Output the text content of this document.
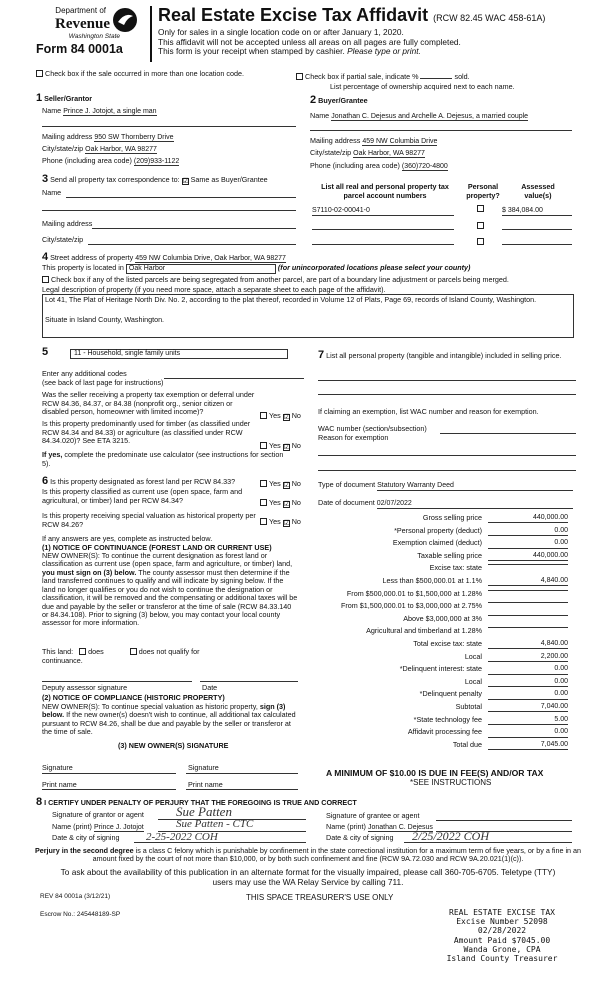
Department of
Revenue
Washington State
Form 84 0001a
Real Estate Excise Tax Affidavit (RCW 82.45 WAC 458-61A)
Only for sales in a single location code on or after January 1, 2020.
This affidavit will not be accepted unless all areas on all pages are fully completed.
This form is your receipt when stamped by cashier. Please type or print.
Check box if the sale occurred in more than one location code.	Check box if partial sale, indicate %	sold.
List percentage of ownership acquired next to each name.
1 Seller/Grantor
Name Prince J. Jotojot, a single man
Mailing address 950 SW Thornberry Drive
City/state/zip Oak Harbor, WA 98277
Phone (including area code) (209)933-1122
2 Buyer/Grantee
Name Jonathan C. Dejesus and Archelle A. Dejesus, a married couple
Mailing address 459 NW Columbia Drive
City/state/zip Oak Harbor, WA 98277
Phone (including area code) (360)720-4800
3 Send all property tax correspondence to: ☑ Same as Buyer/Grantee
Name
Mailing address
City/state/zip
List all real and personal property tax parcel account numbers
Personal property?
Assessed value(s)
S7110-02-00041-0	$ 384,084.00
4 Street address of property 459 NW Columbia Drive, Oak Harbor, WA 98277
This property is located in Oak Harbor	(for unincorporated locations please select your county)
Check box if any of the listed parcels are being segregated from another parcel, are part of a boundary line adjustment or parcels being merged.
Legal description of property (if you need more space, attach a separate sheet to each page of the affidavit).
Lot 41, The Plat of Heritage North Div. No. 2, according to the plat thereof, recorded in Volume 12 of Plats, Page 69, records of Island County, Washington.
Situate in Island County, Washington.
5	11 - Household, single family units
Enter any additional codes
(see back of last page for instructions)
Was the seller receiving a property tax exemption or deferral under RCW 84.36, 84.37, or 84.38 (nonprofit org., senior citizen or disabled person, homeowner with limited income)?	Yes ☑ No
Is this property predominantly used for timber (as classified under RCW 84.34 and 84.33) or agriculture (as classified under RCW 84.34.020)? See ETA 3215.
Yes ☑ No
If yes, complete the predominate use calculator (see instructions for section 5).
7 List all personal property (tangible and intangible) included in selling price.
If claiming an exemption, list WAC number and reason for exemption.
WAC number (section/subsection)
Reason for exemption
6 Is this property designated as forest land per RCW 84.33?	Yes ☑ No
Is this property classified as current use (open space, farm and agricultural, or timber) land per RCW 84.34?	Yes ☑ No
Is this property receiving special valuation as historical property per RCW 84.26?	Yes ☑ No
If any answers are yes, complete as instructed below.
(1) NOTICE OF CONTINUANCE (FOREST LAND OR CURRENT USE)
NEW OWNER(S): To continue the current designation as forest land or classification as current use (open space, farm and agriculture, or timber) land, you must sign on (3) below. The county assessor must then determine if the land transferred continues to qualify and will indicate by signing below. If the land no longer qualifies or you do not wish to continue the designation or classification, it will be removed and the compensating or additional taxes will be due and payable by the seller or transferor at the time of sale (RCW 84.33.140 or 84.34.108). Prior to signing (3) below, you may contact your local county assessor for more information.
This land: does	does not qualify for
continuance.
Deputy assessor signature	Date
(2) NOTICE OF COMPLIANCE (HISTORIC PROPERTY)
NEW OWNER(S): To continue special valuation as historic property, sign (3) below. If the new owner(s) doesn't wish to continue, all additional tax calculated pursuant to RCW 84.26, shall be due and payable by the seller or transferor at the time of sale.
(3) NEW OWNER(S) SIGNATURE
Signature	Signature
Print name	Print name
Type of document Statutory Warranty Deed
Date of document 02/07/2022
Gross selling price	440,000.00
*Personal property (deduct)	0.00
Exemption claimed (deduct)	0.00
Taxable selling price	440,000.00
Excise tax: state
Less than $500,000.01 at 1.1%	4,840.00
From $500,000.01 to $1,500,000 at 1.28%
From $1,500,000.01 to $3,000,000 at 2.75%
Above $3,000,000 at 3%
Agricultural and timberland at 1.28%
Total excise tax: state	4,840.00
Local	2,200.00
*Delinquent interest: state	0.00
Local	0.00
*Delinquent penalty	0.00
Subtotal	7,040.00
*State technology fee	5.00
Affidavit processing fee	0.00
Total due	7,045.00
A MINIMUM OF $10.00 IS DUE IN FEE(S) AND/OR TAX
*SEE INSTRUCTIONS
8 I CERTIFY UNDER PENALTY OF PERJURY THAT THE FOREGOING IS TRUE AND CORRECT
Signature of grantor or agent Sue Patten
Name (print) Prince J. Jotojot	Sue Patten - CTC
Date & city of signing 2-25-2022 COH
Signature of grantee or agent
Name (print) Jonathan C. Dejesus
Date & city of signing 2/25/2022 COH
Perjury in the second degree is a class C felony which is punishable by confinement in the state correctional institution for a maximum term of five years, or by a fine in an amount fixed by the court of not more than $10,000, or by both such confinement and fine (RCW 9A.72.030 and RCW 9A.20.021(1)(c)).
To ask about the availability of this publication in an alternate format for the visually impaired, please call 360-705-6705. Teletype (TTY) users may use the WA Relay Service by calling 711.
REV 84 0001a (3/12/21)	THIS SPACE TREASURER'S USE ONLY
Escrow No.: 245448189-SP	REAL ESTATE EXCISE TAX
Excise Number 52098
02/28/2022
Amount Paid $7045.00
Wanda Grone, CPA
Island County Treasurer
